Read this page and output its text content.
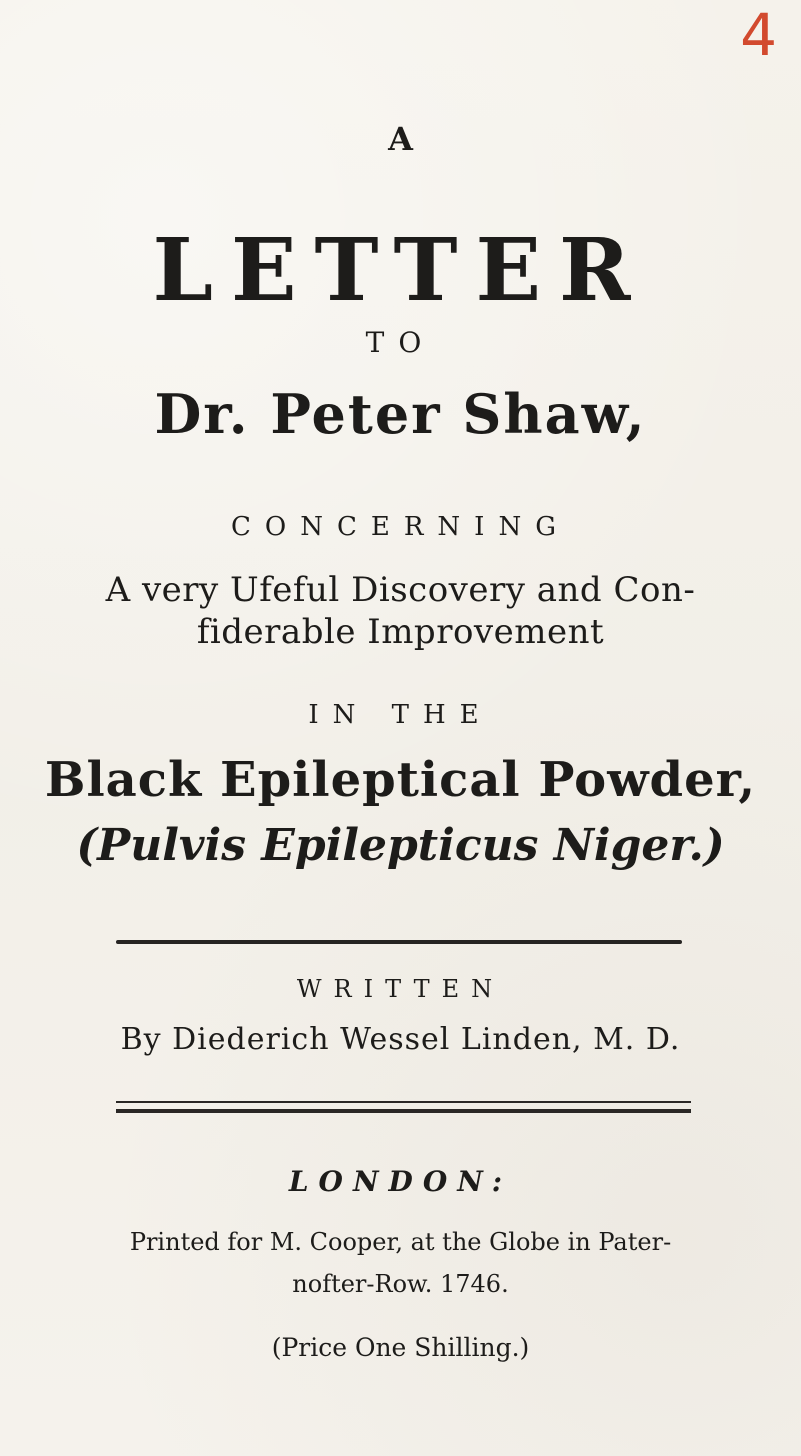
4
A
LETTER
TO
Dr. Peter Shaw,
CONCERNING
A very Ufeful Discovery and Con-
fiderable Improvement
IN THE
Black Epileptical Powder,
(Pulvis Epilepticus Niger.)
WRITTEN
By Diederich Wessel Linden, M. D.
LONDON:
Printed for M. Cooper, at the Globe in Pater-
nofter-Row. 1746.
(Price One Shilling.)
